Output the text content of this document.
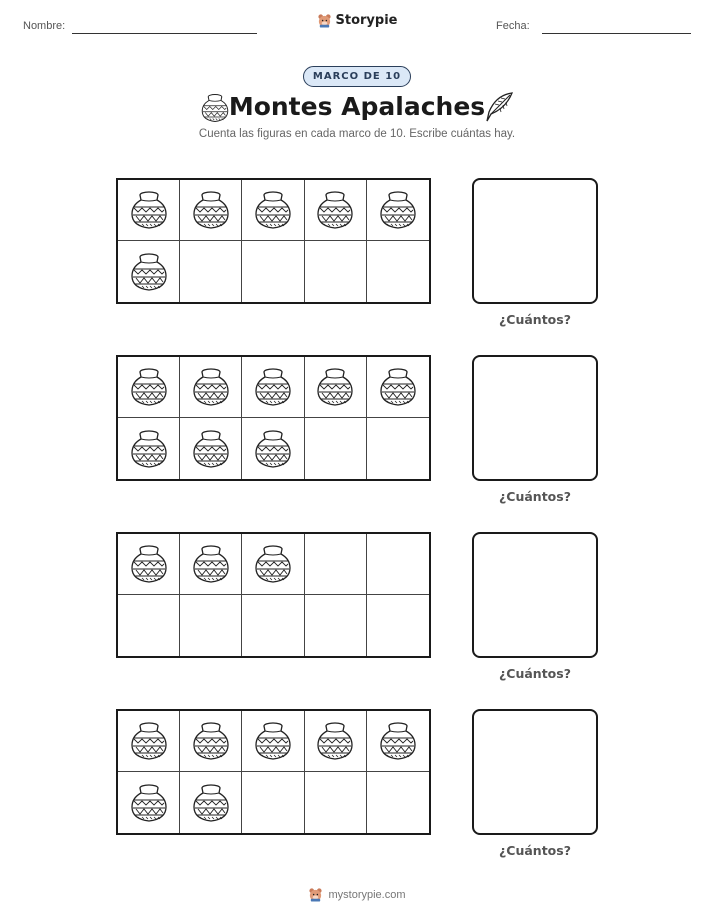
Nombre:	Storypie	Fecha:
MARCO DE 10
Montes Apalaches
Cuenta las figuras en cada marco de 10. Escribe cuántas hay.
¿Cuántos?
¿Cuántos?
¿Cuántos?
¿Cuántos?
mystorypie.com
